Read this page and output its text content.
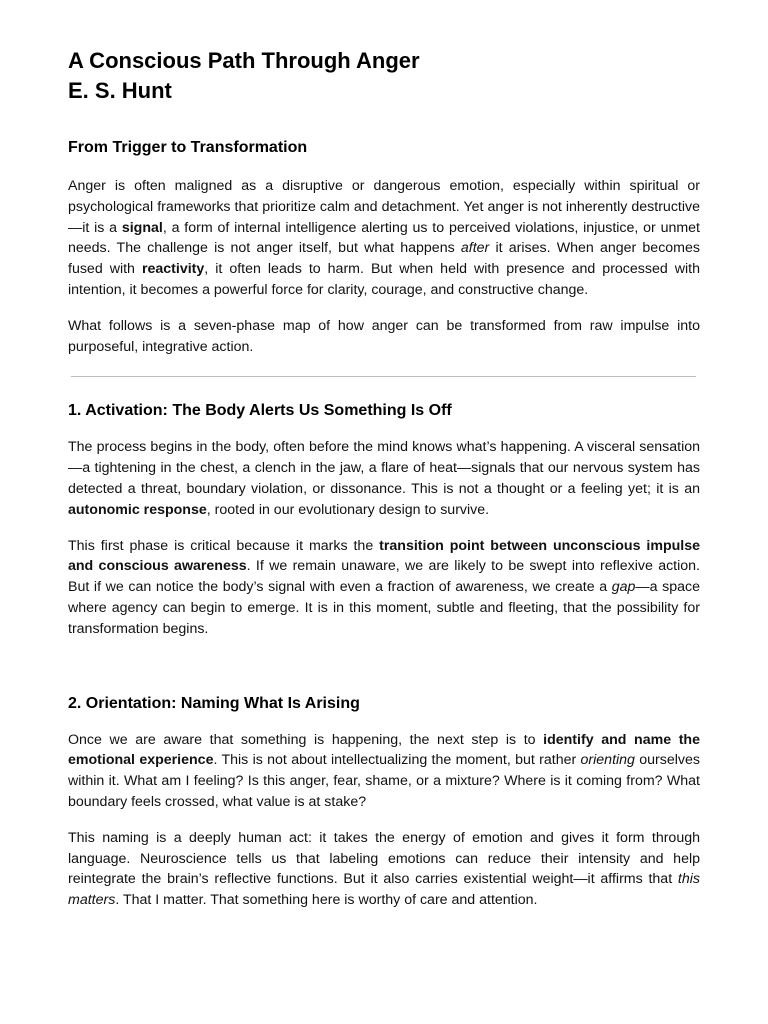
A Conscious Path Through Anger
E. S. Hunt
From Trigger to Transformation

Anger is often maligned as a disruptive or dangerous emotion, especially within spiritual or psychological frameworks that prioritize calm and detachment. Yet anger is not inherently destructive—it is a signal, a form of internal intelligence alerting us to perceived violations, injustice, or unmet needs. The challenge is not anger itself, but what happens after it arises. When anger becomes fused with reactivity, it often leads to harm. But when held with presence and processed with intention, it becomes a powerful force for clarity, courage, and constructive change.

What follows is a seven-phase map of how anger can be transformed from raw impulse into purposeful, integrative action.

1. Activation: The Body Alerts Us Something Is Off

The process begins in the body, often before the mind knows what’s happening. A visceral sensation—a tightening in the chest, a clench in the jaw, a flare of heat—signals that our nervous system has detected a threat, boundary violation, or dissonance. This is not a thought or a feeling yet; it is an autonomic response, rooted in our evolutionary design to survive.

This first phase is critical because it marks the transition point between unconscious impulse and conscious awareness. If we remain unaware, we are likely to be swept into reflexive action. But if we can notice the body’s signal with even a fraction of awareness, we create a gap—a space where agency can begin to emerge. It is in this moment, subtle and fleeting, that the possibility for transformation begins.

2. Orientation: Naming What Is Arising

Once we are aware that something is happening, the next step is to identify and name the emotional experience. This is not about intellectualizing the moment, but rather orienting ourselves within it. What am I feeling? Is this anger, fear, shame, or a mixture? Where is it coming from? What boundary feels crossed, what value is at stake?

This naming is a deeply human act: it takes the energy of emotion and gives it form through language. Neuroscience tells us that labeling emotions can reduce their intensity and help reintegrate the brain’s reflective functions. But it also carries existential weight—it affirms that this matters. That I matter. That something here is worthy of care and attention.
